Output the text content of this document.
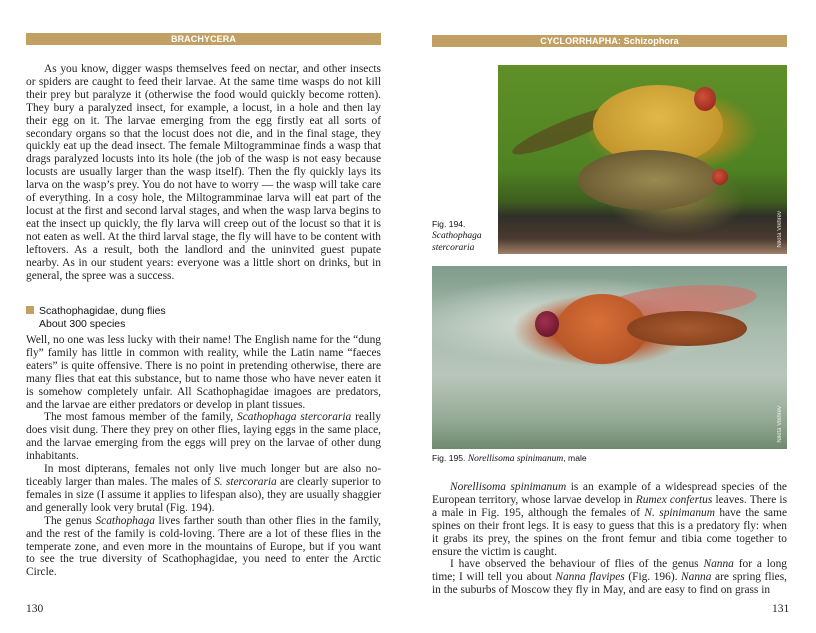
BRACHYCERA

As you know, digger wasps themselves feed on nectar, and other insects or spiders are caught to feed their larvae. At the same time wasps do not kill their prey but paralyze it (otherwise the food would quickly become rotten). They bury a paralyzed insect, for example, a locust, in a hole and then lay their egg on it. The larvae emerging from the egg firstly eat all sorts of secondary organs so that the locust does not die, and in the final stage, they quickly eat up the dead insect. The female Miltogramminae finds a wasp that drags paralyzed locusts into its hole (the job of the wasp is not easy because locusts are usually larger than the wasp itself). Then the fly quickly lays its larva on the wasp’s prey. You do not have to worry — the wasp will take care of everything. In a cosy hole, the Miltogramminae larva will eat part of the locust at the first and second larval stages, and when the wasp larva begins to eat the insect up quickly, the fly larva will creep out of the locust so that it is not eaten as well. At the third larval stage, the fly will have to be content with leftovers. As a result, both the landlord and the uninvited guest pupate nearby. As in our student years: everyone was a little short on drinks, but in general, the spree was a success.

Scathophagidae, dung flies
About 300 species

Well, no one was less lucky with their name! The English name for the “dung fly” family has little in common with reality, while the Latin name “faeces eaters” is quite offensive. There is no point in pretending otherwise, there are many flies that eat this substance, but to name those who have never eaten it is somehow completely unfair. All Scathophagidae imagoes are predators, and the larvae are either predators or develop in plant tissues.

The most famous member of the family, Scathophaga stercoraria really does visit dung. There they prey on other flies, laying eggs in the same place, and the larvae emerging from the eggs will prey on the larvae of other dung inhabitants.

In most dipterans, females not only live much longer but are also noticeably larger than males. The males of S. stercoraria are clearly superior to females in size (I assume it applies to lifespan also), they are usually shaggier and generally look very brutal (Fig. 194).

The genus Scathophaga lives farther south than other flies in the family, and the rest of the family is cold-loving. There are a lot of these flies in the temperate zone, and even more in the mountains of Europe, but if you want to see the true diversity of Scathophagidae, you need to enter the Arctic Circle.

130
CYCLORRHAPHA: Schizophora
Nikita Vikhrev
Fig. 194.
Scathophaga
stercoraria
Nikita Vikhrev
Fig. 195. Norellisoma spinimanum, male

Norellisoma spinimanum is an example of a widespread species of the European territory, whose larvae develop in Rumex confertus leaves. There is a male in Fig. 195, although the females of N. spinimanum have the same spines on their front legs. It is easy to guess that this is a predatory fly: when it grabs its prey, the spines on the front femur and tibia come together to ensure the victim is caught.

I have observed the behaviour of flies of the genus Nanna for a long time; I will tell you about Nanna flavipes (Fig. 196). Nanna are spring flies, in the suburbs of Moscow they fly in May, and are easy to find on grass in

131
